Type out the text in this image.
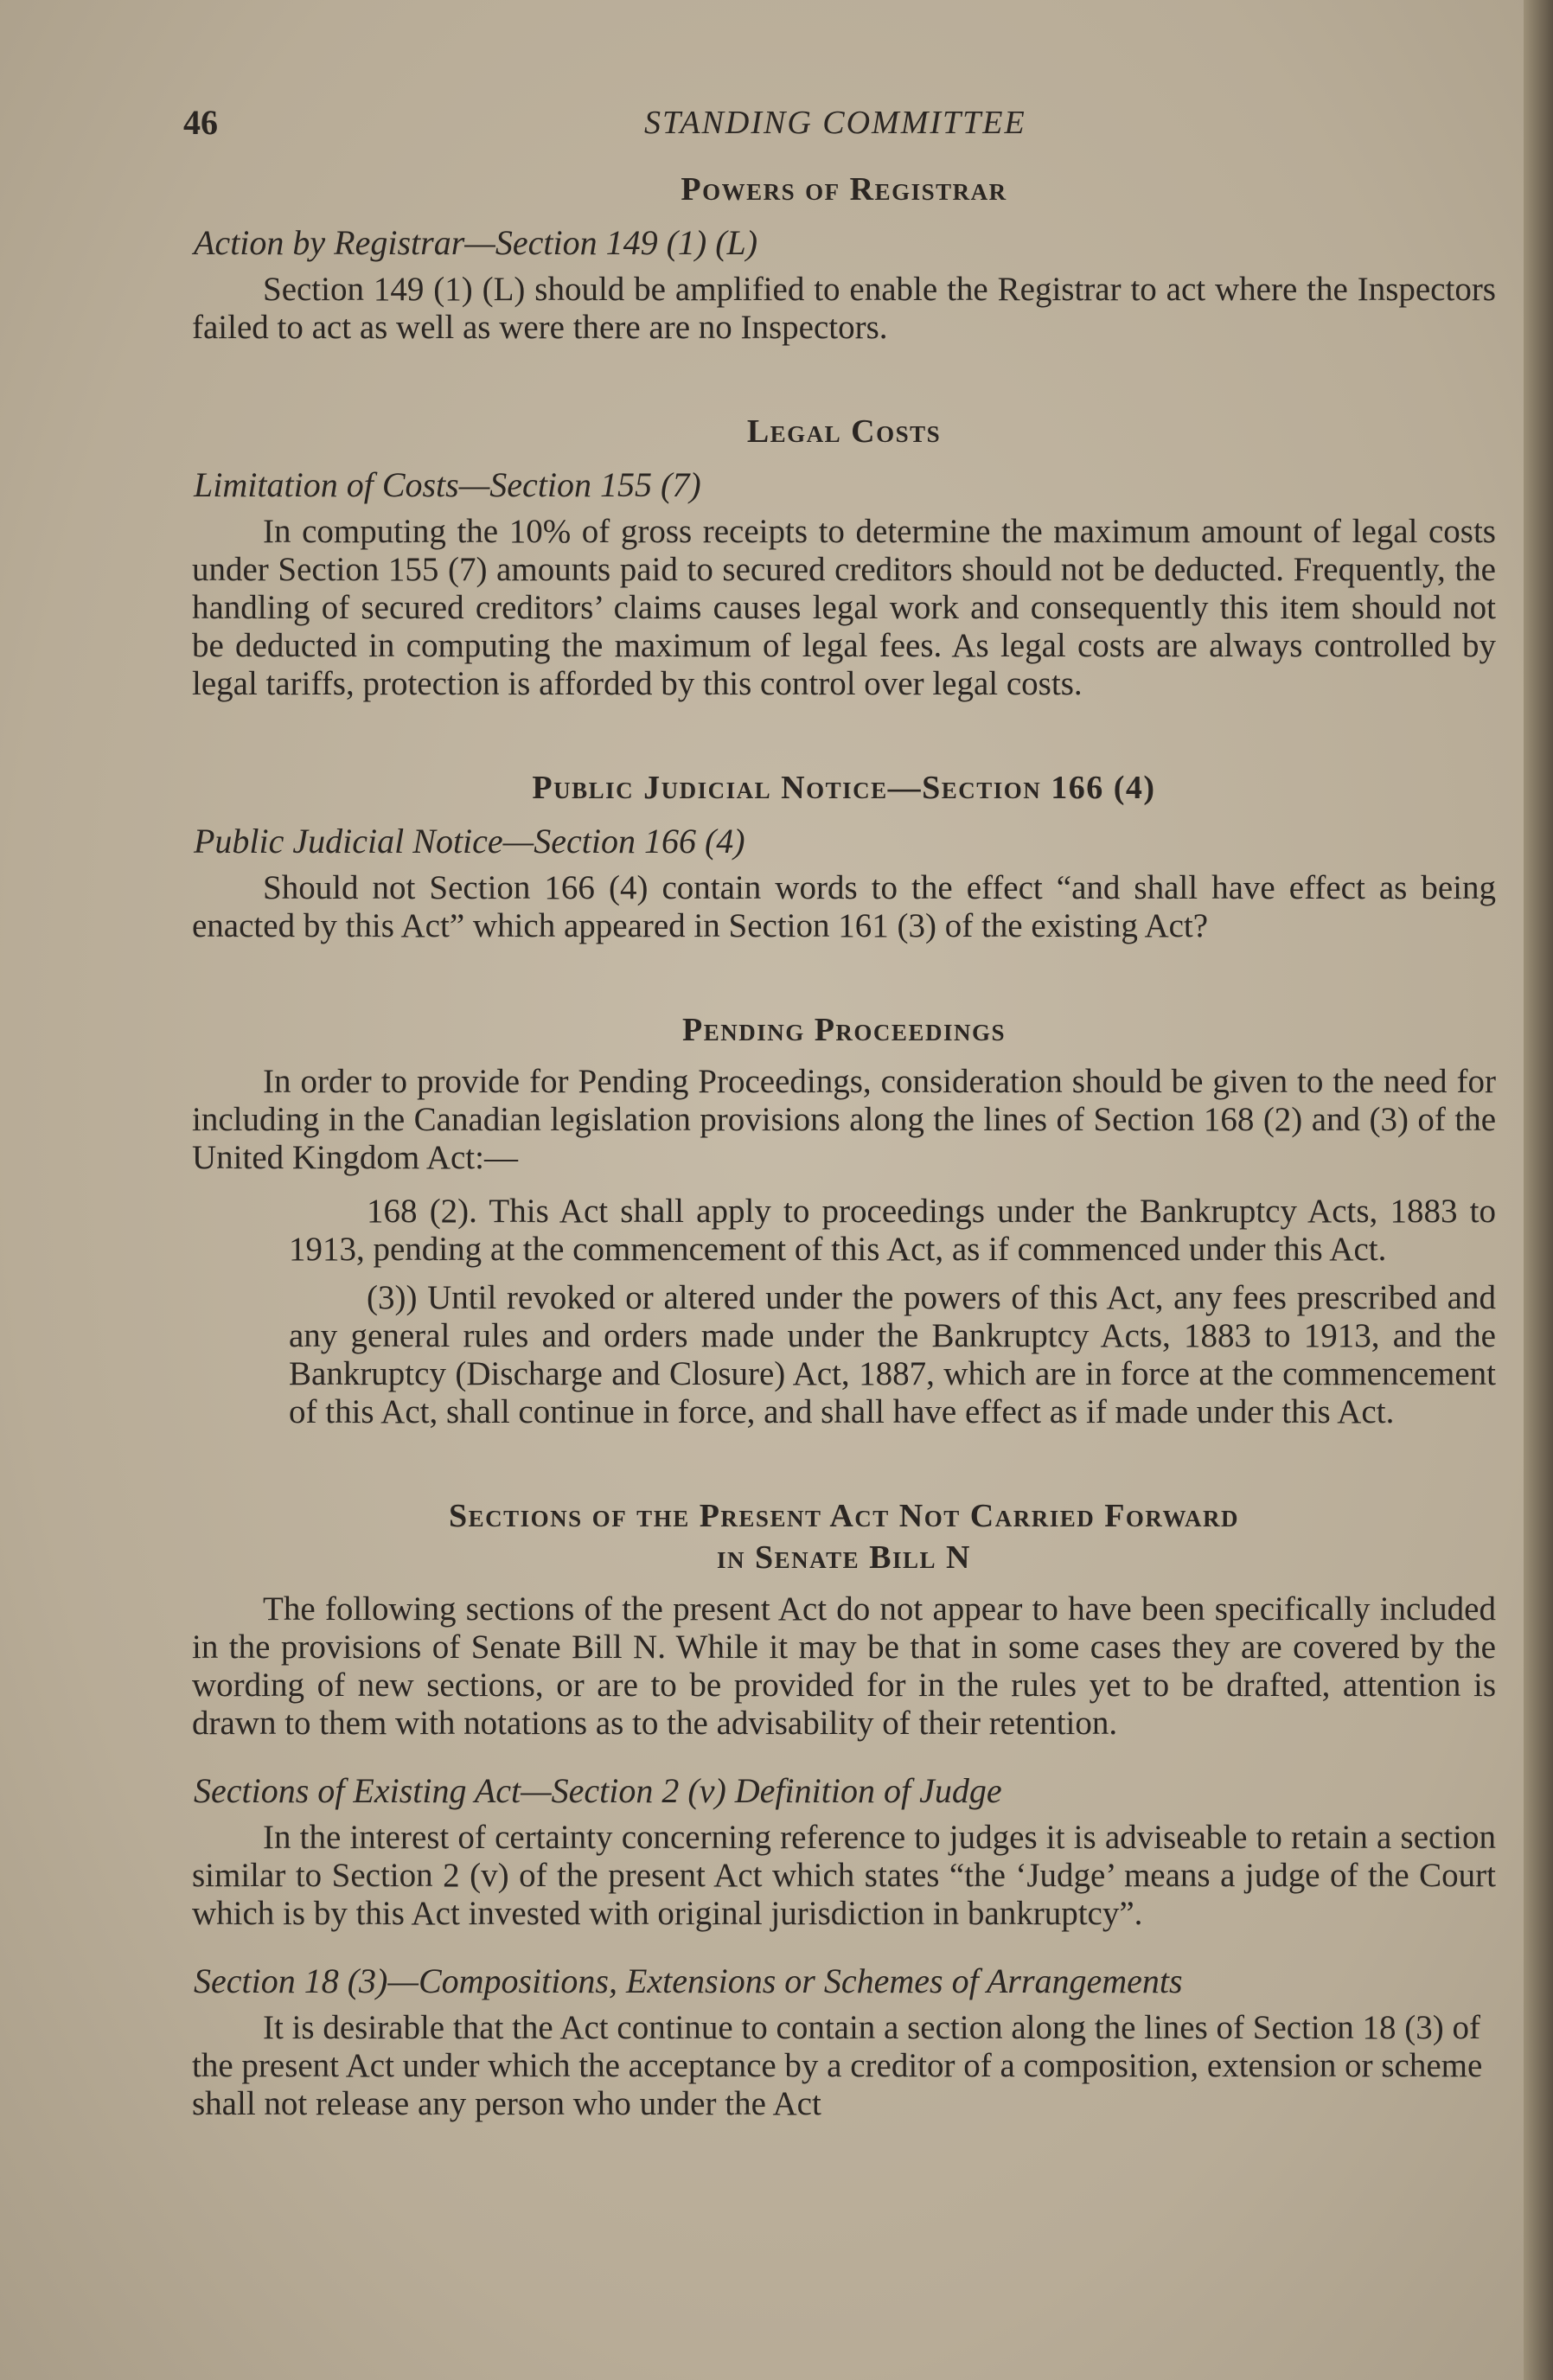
46	STANDING COMMITTEE
Powers of Registrar
Action by Registrar—Section 149 (1) (L)

Section 149 (1) (L) should be amplified to enable the Registrar to act where the Inspectors failed to act as well as were there are no Inspectors.

Legal Costs
Limitation of Costs—Section 155 (7)

In computing the 10% of gross receipts to determine the maximum amount of legal costs under Section 155 (7) amounts paid to secured creditors should not be deducted. Frequently, the handling of secured creditors’ claims causes legal work and consequently this item should not be deducted in computing the maximum of legal fees. As legal costs are always controlled by legal tariffs, protection is afforded by this control over legal costs.

Public Judicial Notice—Section 166 (4)
Public Judicial Notice—Section 166 (4)

Should not Section 166 (4) contain words to the effect “and shall have effect as being enacted by this Act” which appeared in Section 161 (3) of the existing Act?

Pending Proceedings

In order to provide for Pending Proceedings, consideration should be given to the need for including in the Canadian legislation provisions along the lines of Section 168 (2) and (3) of the United Kingdom Act:—

168 (2). This Act shall apply to proceedings under the Bankruptcy Acts, 1883 to 1913, pending at the commencement of this Act, as if commenced under this Act.

(3)) Until revoked or altered under the powers of this Act, any fees prescribed and any general rules and orders made under the Bankruptcy Acts, 1883 to 1913, and the Bankruptcy (Discharge and Closure) Act, 1887, which are in force at the commencement of this Act, shall continue in force, and shall have effect as if made under this Act.

Sections of the Present Act Not Carried Forward
in Senate Bill N

The following sections of the present Act do not appear to have been specifically included in the provisions of Senate Bill N. While it may be that in some cases they are covered by the wording of new sections, or are to be provided for in the rules yet to be drafted, attention is drawn to them with notations as to the advisability of their retention.

Sections of Existing Act—Section 2 (v) Definition of Judge

In the interest of certainty concerning reference to judges it is adviseable to retain a section similar to Section 2 (v) of the present Act which states “the ‘Judge’ means a judge of the Court which is by this Act invested with original jurisdiction in bankruptcy”.

Section 18 (3)—Compositions, Extensions or Schemes of Arrangements

It is desirable that the Act continue to contain a section along the lines of Section 18 (3) of the present Act under which the acceptance by a creditor of a composition, extension or scheme shall not release any person who under the Act
